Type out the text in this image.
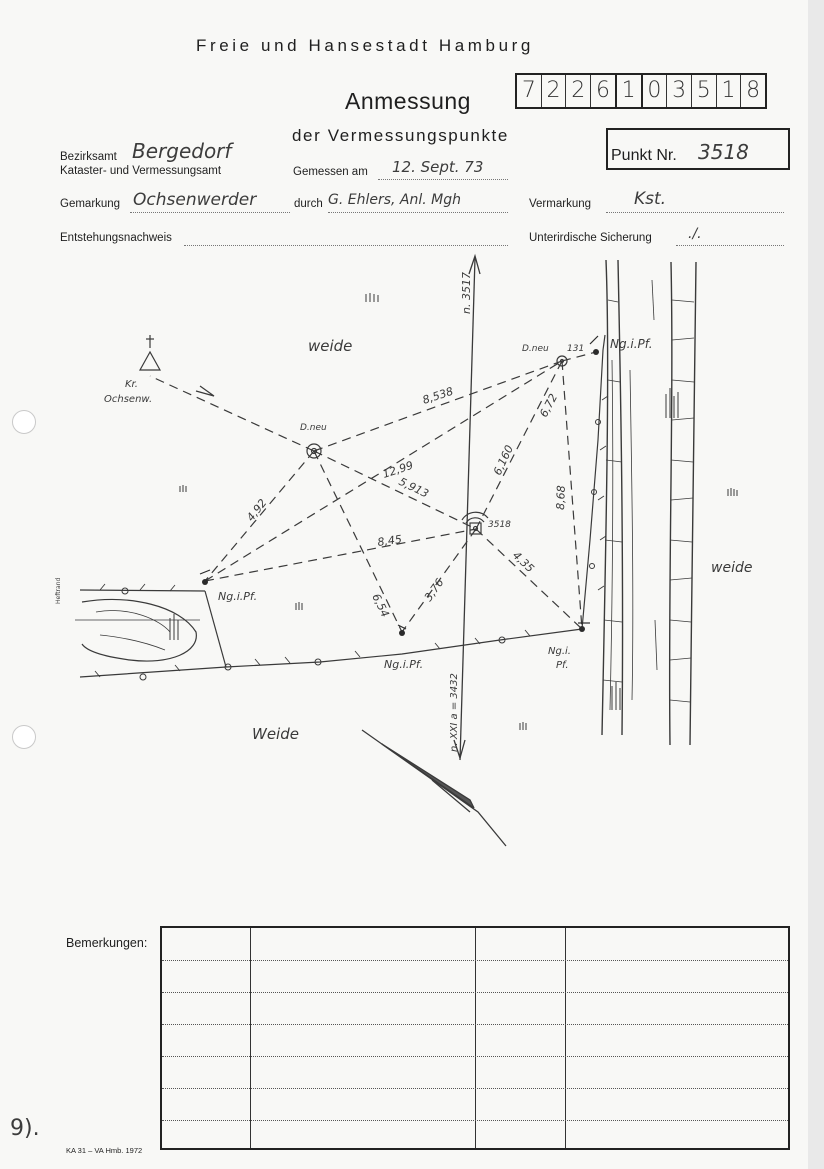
Freie und Hansestadt Hamburg
Anmessung
der Vermessungspunkte
7 2 2 6 1 0 3 5 1 8
Punkt Nr. 3518
Bezirksamt Bergedorf
Kataster- und Vermessungsamt	Gemessen am 12. Sept. 73
Gemarkung Ochsenwerder	durch G. Ehlers, Anl. Mgh	Vermarkung	Kst.
Entstehungsnachweis	Unterirdische Sicherung	./.
weide
Weide
weide
Kr.
Ochsenw.
D.neu
D.neu 131 Ng.i.Pf.
Ng.i.Pf.
Ng.i.Pf.
Ng.i.
Pf.
3518
n. 3517
n. XXI a = 3432
Heftrand
8,538
12,99
5,913
4,92
8,45
6,54
3,76
6,160
6,72
8,68
4,35
Bemerkungen:
9).
KA 31 – VA Hmb. 1972
